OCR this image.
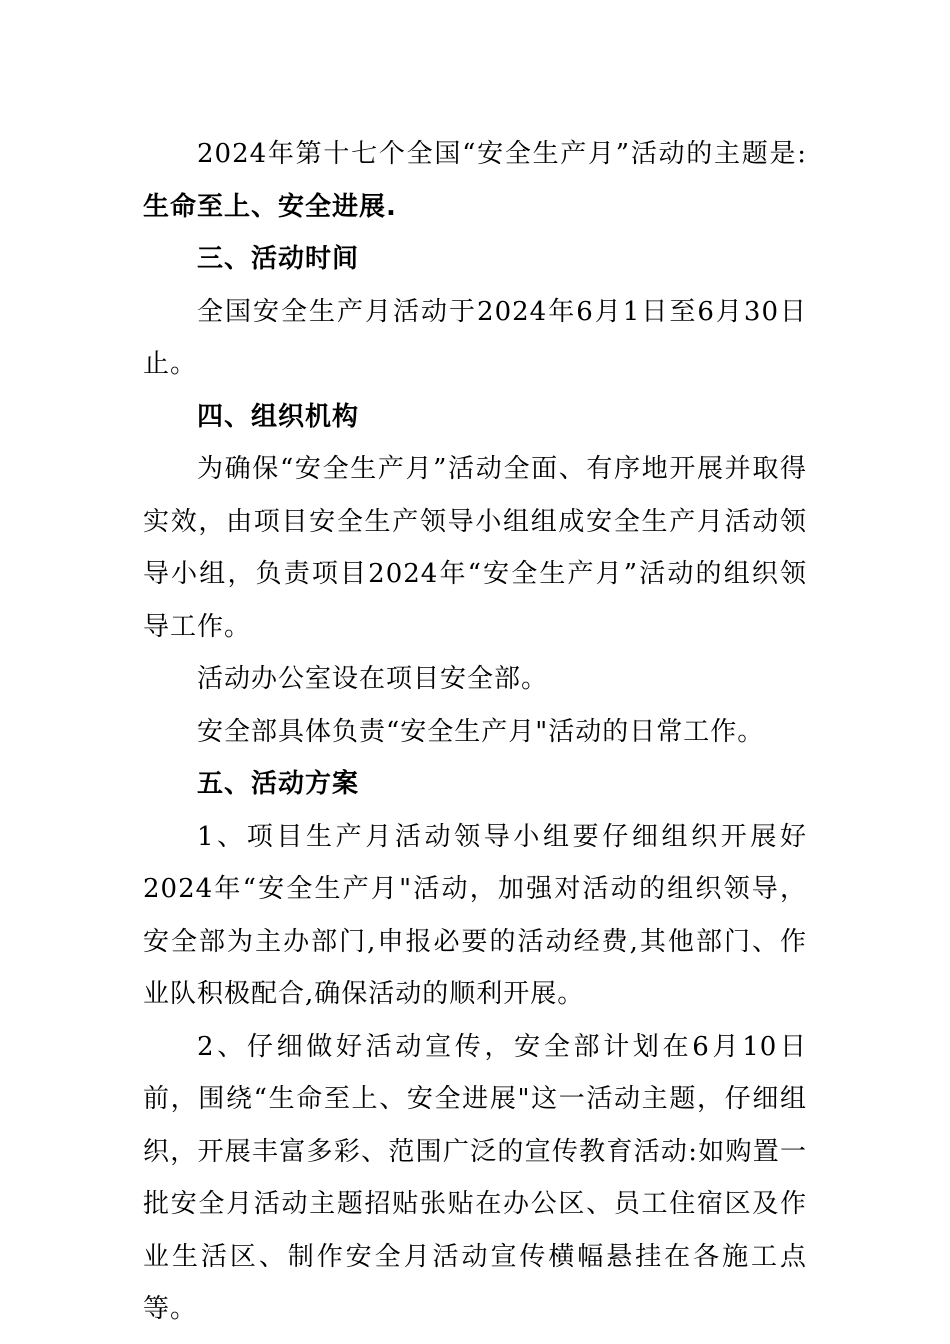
2024年第十七个全国“安全生产月”活动的主题是:生命至上、安全进展.

三、活动时间

全国安全生产月活动于2024年6月1日至6月30日止。

四、组织机构

为确保“安全生产月”活动全面、有序地开展并取得实效，由项目安全生产领导小组组成安全生产月活动领导小组，负责项目2024年“安全生产月”活动的组织领导工作。

活动办公室设在项目安全部。

安全部具体负责“安全生产月"活动的日常工作。

五、活动方案

1、项目生产月活动领导小组要仔细组织开展好2024年“安全生产月"活动，加强对活动的组织领导，安全部为主办部门,申报必要的活动经费,其他部门、作业队积极配合,确保活动的顺利开展。

2、仔细做好活动宣传，安全部计划在6月10日前，围绕“生命至上、安全进展"这一活动主题，仔细组织，开展丰富多彩、范围广泛的宣传教育活动:如购置一批安全月活动主题招贴张贴在办公区、员工住宿区及作业生活区、制作安全月活动宣传横幅悬挂在各施工点等。
